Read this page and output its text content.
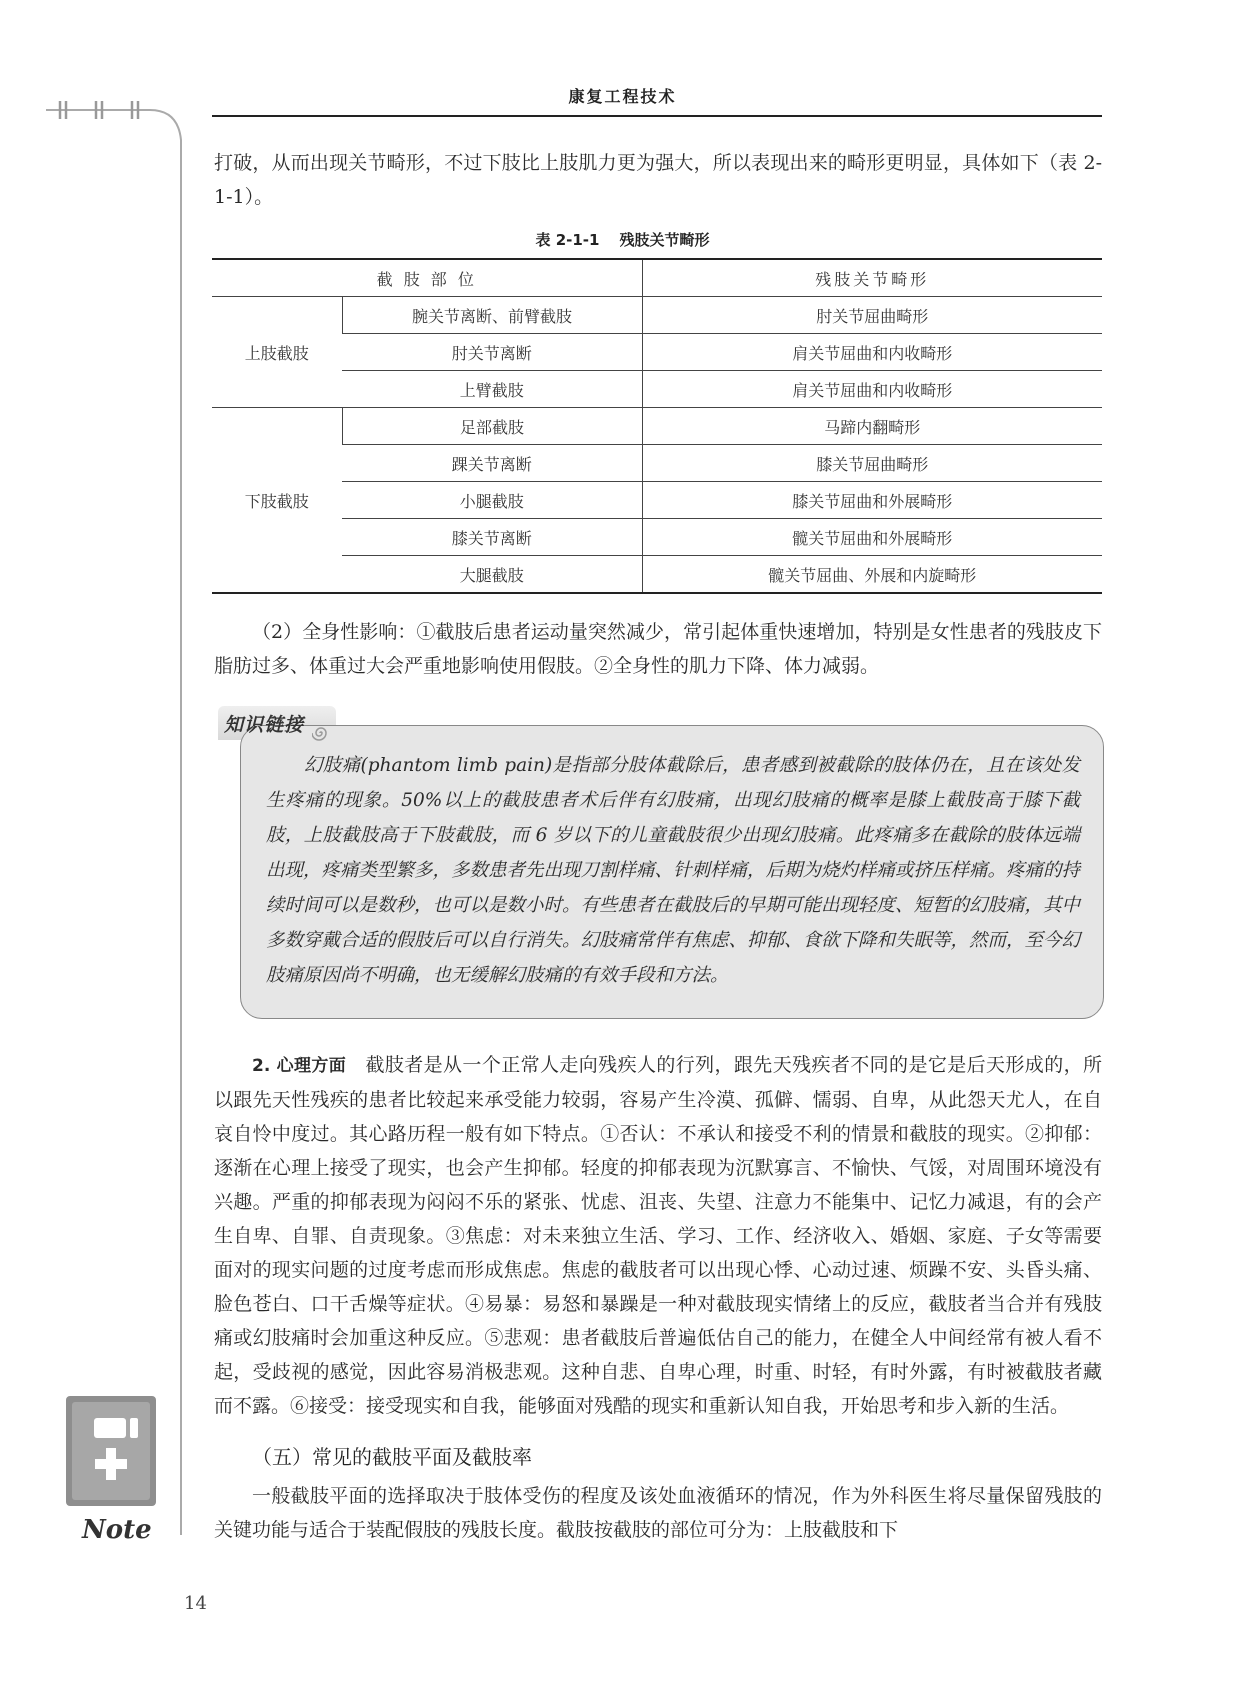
康复工程技术

打破，从而出现关节畸形，不过下肢比上肢肌力更为强大，所以表现出来的畸形更明显，具体如下（表 2-1-1）。

表 2-1-1 残肢关节畸形
截 肢 部 位		残肢关节畸形
上肢截肢	腕关节离断、前臂截肢	肘关节屈曲畸形
	肘关节离断	肩关节屈曲和内收畸形
	上臂截肢	肩关节屈曲和内收畸形
下肢截肢	足部截肢	马蹄内翻畸形
	踝关节离断	膝关节屈曲畸形
	小腿截肢	膝关节屈曲和外展畸形
	膝关节离断	髋关节屈曲和外展畸形
	大腿截肢	髋关节屈曲、外展和内旋畸形

（2）全身性影响：①截肢后患者运动量突然减少，常引起体重快速增加，特别是女性患者的残肢皮下脂肪过多、体重过大会严重地影响使用假肢。②全身性的肌力下降、体力减弱。

知识链接

幻肢痛(phantom limb pain)是指部分肢体截除后，患者感到被截除的肢体仍在，且在该处发生疼痛的现象。50%以上的截肢患者术后伴有幻肢痛，出现幻肢痛的概率是膝上截肢高于膝下截肢，上肢截肢高于下肢截肢，而 6 岁以下的儿童截肢很少出现幻肢痛。此疼痛多在截除的肢体远端出现，疼痛类型繁多，多数患者先出现刀割样痛、针刺样痛，后期为烧灼样痛或挤压样痛。疼痛的持续时间可以是数秒，也可以是数小时。有些患者在截肢后的早期可能出现轻度、短暂的幻肢痛，其中多数穿戴合适的假肢后可以自行消失。幻肢痛常伴有焦虑、抑郁、食欲下降和失眠等，然而，至今幻肢痛原因尚不明确，也无缓解幻肢痛的有效手段和方法。

2. 心理方面 截肢者是从一个正常人走向残疾人的行列，跟先天残疾者不同的是它是后天形成的，所以跟先天性残疾的患者比较起来承受能力较弱，容易产生冷漠、孤僻、懦弱、自卑，从此怨天尤人，在自哀自怜中度过。其心路历程一般有如下特点。①否认：不承认和接受不利的情景和截肢的现实。②抑郁：逐渐在心理上接受了现实，也会产生抑郁。轻度的抑郁表现为沉默寡言、不愉快、气馁，对周围环境没有兴趣。严重的抑郁表现为闷闷不乐的紧张、忧虑、沮丧、失望、注意力不能集中、记忆力减退，有的会产生自卑、自罪、自责现象。③焦虑：对未来独立生活、学习、工作、经济收入、婚姻、家庭、子女等需要面对的现实问题的过度考虑而形成焦虑。焦虑的截肢者可以出现心悸、心动过速、烦躁不安、头昏头痛、脸色苍白、口干舌燥等症状。④易暴：易怒和暴躁是一种对截肢现实情绪上的反应，截肢者当合并有残肢痛或幻肢痛时会加重这种反应。⑤悲观：患者截肢后普遍低估自己的能力，在健全人中间经常有被人看不起，受歧视的感觉，因此容易消极悲观。这种自悲、自卑心理，时重、时轻，有时外露，有时被截肢者藏而不露。⑥接受：接受现实和自我，能够面对残酷的现实和重新认知自我，开始思考和步入新的生活。

（五）常见的截肢平面及截肢率

一般截肢平面的选择取决于肢体受伤的程度及该处血液循环的情况，作为外科医生将尽量保留残肢的关键功能与适合于装配假肢的残肢长度。截肢按截肢的部位可分为：上肢截肢和下

Note
14
